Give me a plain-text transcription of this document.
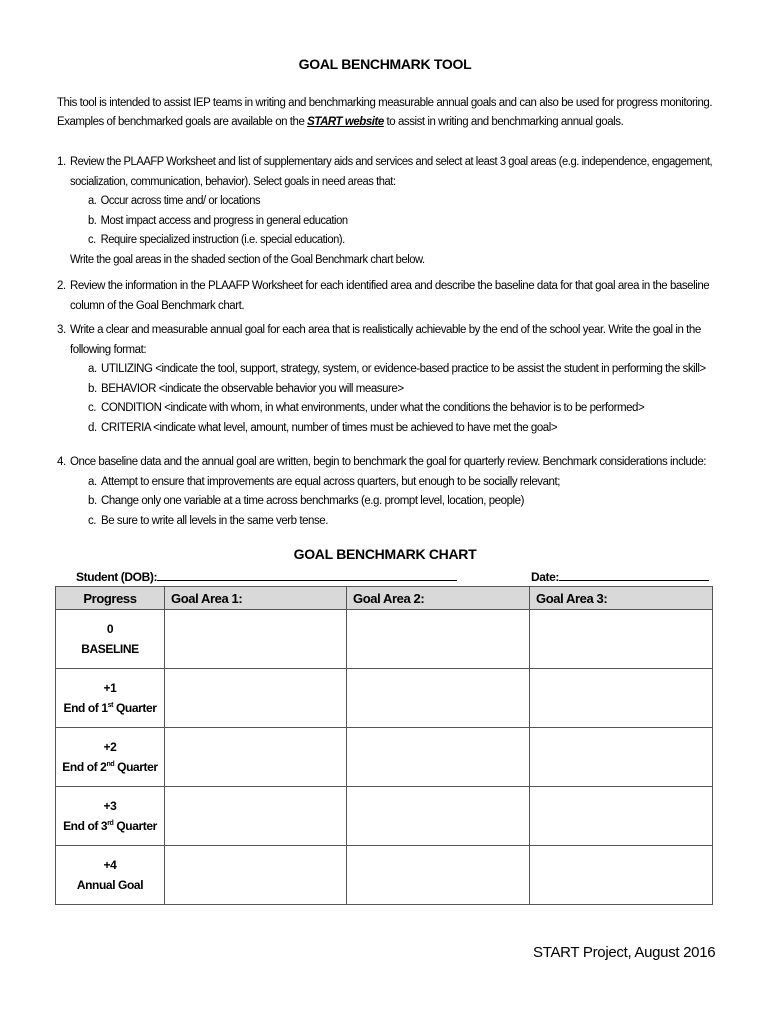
GOAL BENCHMARK TOOL
This tool is intended to assist IEP teams in writing and benchmarking measurable annual goals and can also be used for progress monitoring.
Examples of benchmarked goals are available on the START website to assist in writing and benchmarking annual goals.
1. Review the PLAAFP Worksheet and list of supplementary aids and services and select at least 3 goal areas (e.g. independence, engagement,
socialization, communication, behavior). Select goals in need areas that:
a. Occur across time and/ or locations
b. Most impact access and progress in general education
c. Require specialized instruction (i.e. special education).
Write the goal areas in the shaded section of the Goal Benchmark chart below.
2. Review the information in the PLAAFP Worksheet for each identified area and describe the baseline data for that goal area in the baseline
column of the Goal Benchmark chart.
3. Write a clear and measurable annual goal for each area that is realistically achievable by the end of the school year. Write the goal in the
following format:
a. UTILIZING <indicate the tool, support, strategy, system, or evidence-based practice to be assist the student in performing the skill>
b. BEHAVIOR <indicate the observable behavior you will measure>
c. CONDITION <indicate with whom, in what environments, under what the conditions the behavior is to be performed>
d. CRITERIA <indicate what level, amount, number of times must be achieved to have met the goal>
4. Once baseline data and the annual goal are written, begin to benchmark the goal for quarterly review. Benchmark considerations include:
a. Attempt to ensure that improvements are equal across quarters, but enough to be socially relevant;
b. Change only one variable at a time across benchmarks (e.g. prompt level, location, people)
c. Be sure to write all levels in the same verb tense.
GOAL BENCHMARK CHART
Student (DOB):	Date:
Progress	Goal Area 1:	Goal Area 2:	Goal Area 3:

0
BASELINE			

+1
End of 1st Quarter			

+2
End of 2nd Quarter			

+3
End of 3rd Quarter			

+4
Annual Goal			

START Project, August 2016
